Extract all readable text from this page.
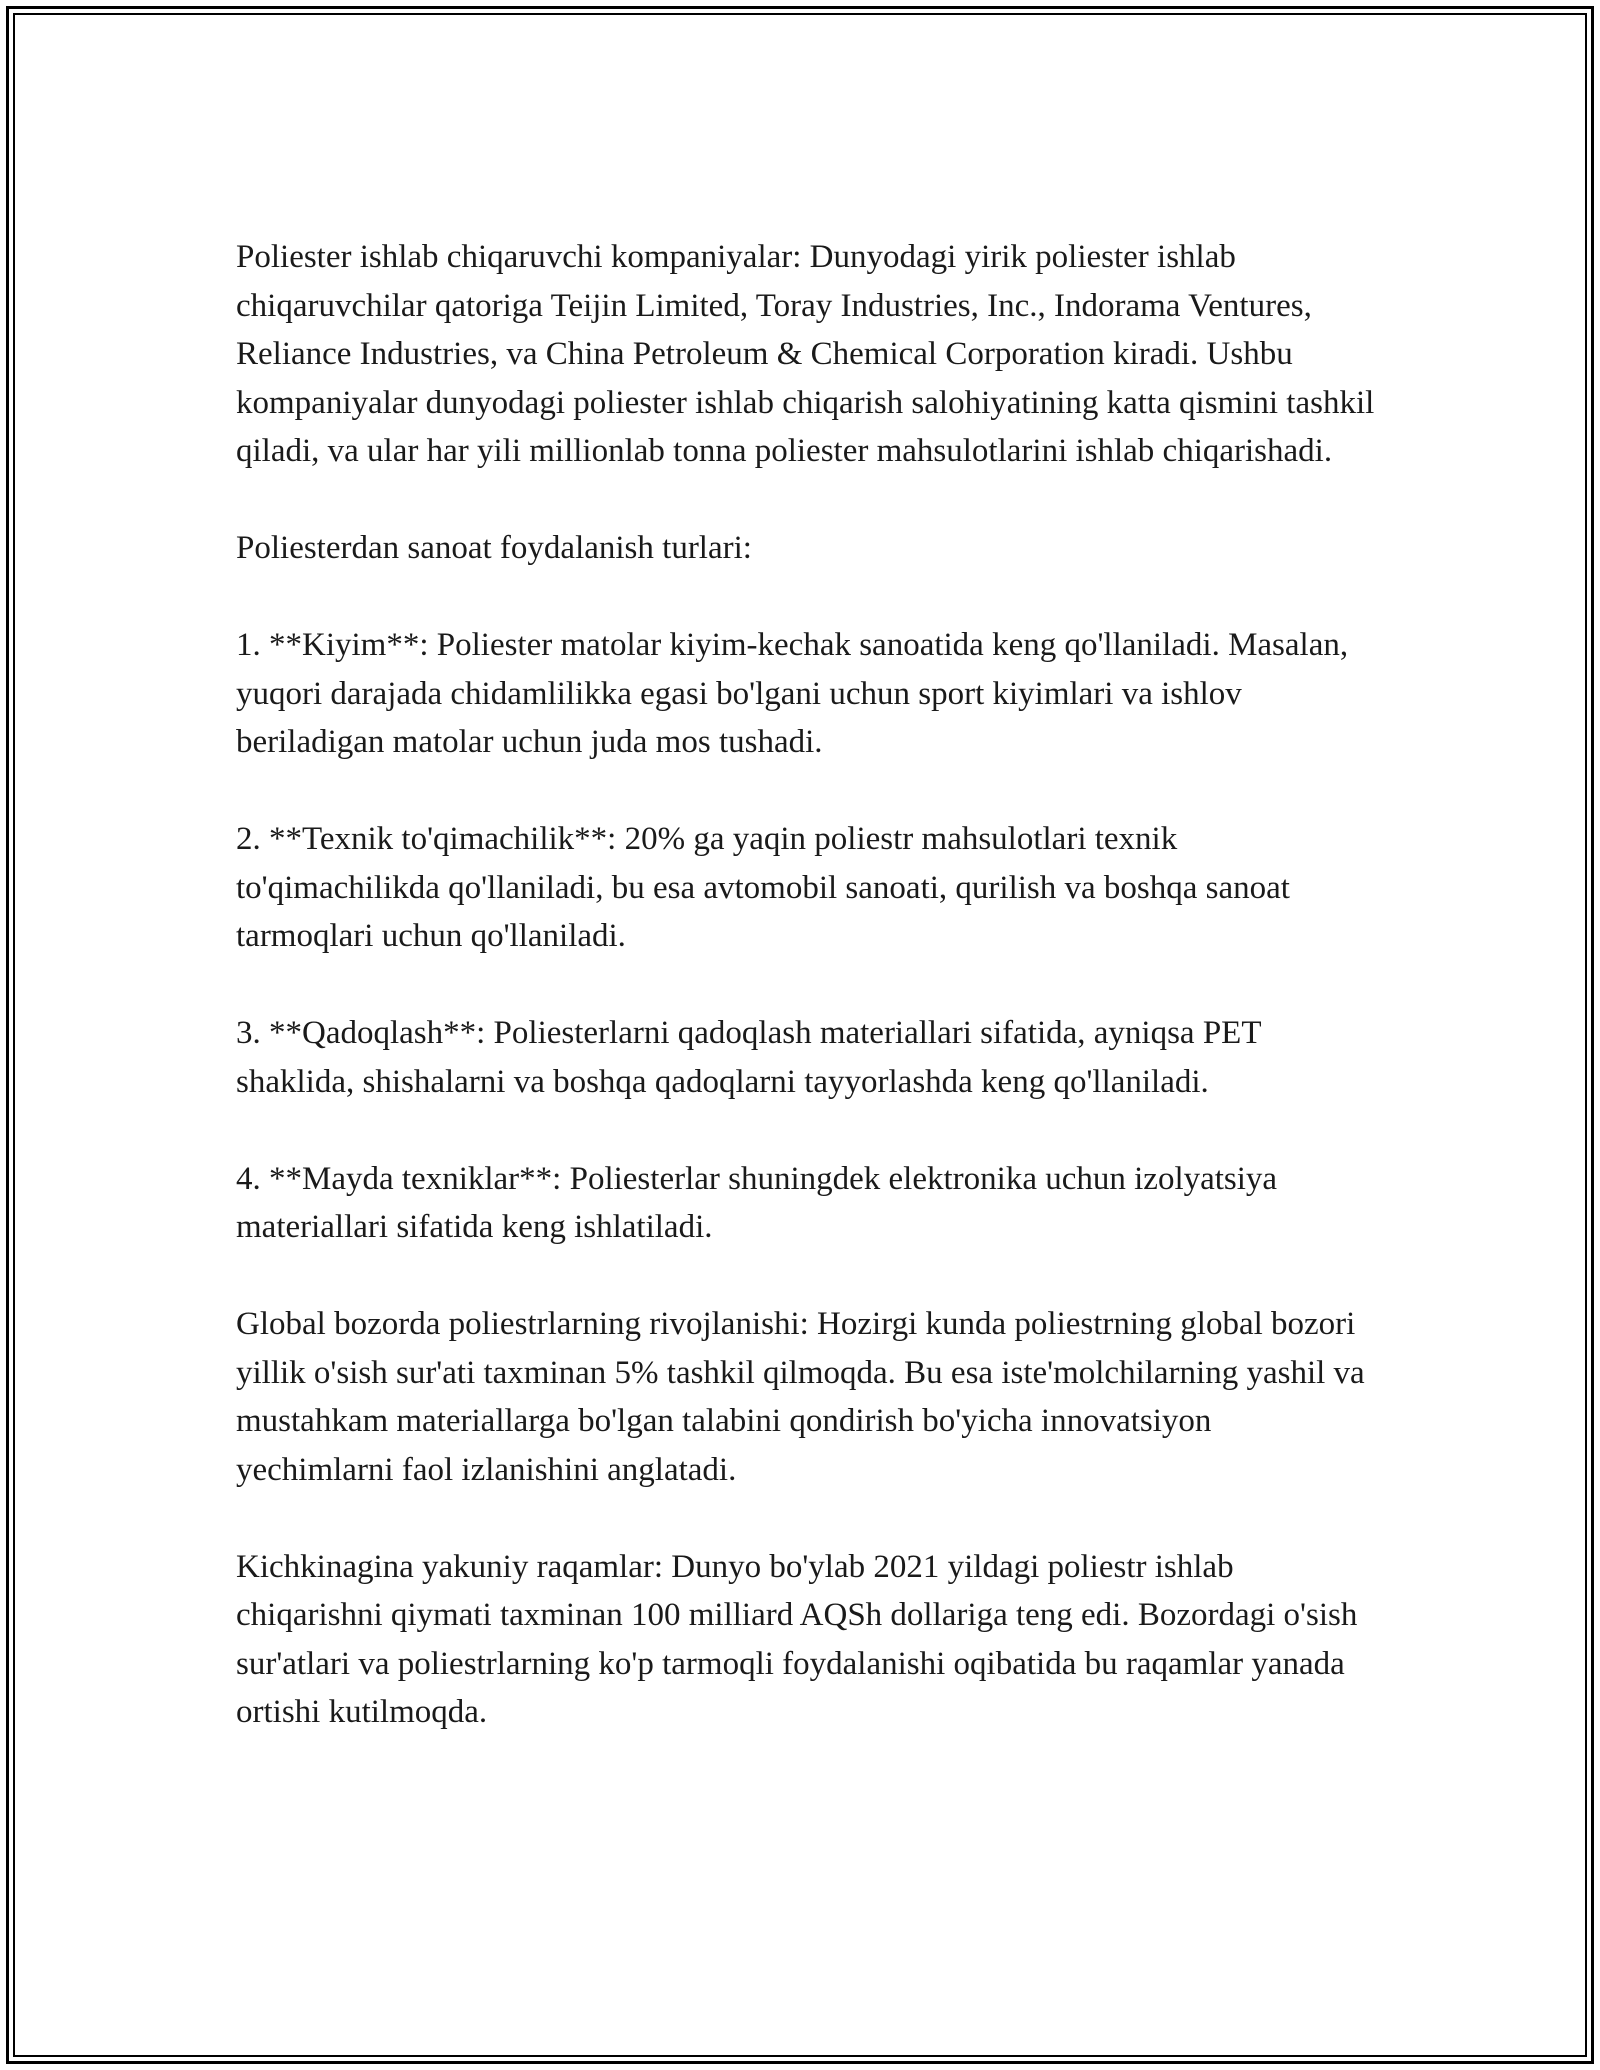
Poliester ishlab chiqaruvchi kompaniyalar: Dunyodagi yirik poliester ishlab chiqaruvchilar qatoriga Teijin Limited, Toray Industries, Inc., Indorama Ventures, Reliance Industries, va China Petroleum & Chemical Corporation kiradi. Ushbu kompaniyalar dunyodagi poliester ishlab chiqarish salohiyatining katta qismini tashkil qiladi, va ular har yili millionlab tonna poliester mahsulotlarini ishlab chiqarishadi.

Poliesterdan sanoat foydalanish turlari:

1. **Kiyim**: Poliester matolar kiyim-kechak sanoatida keng qo'llaniladi. Masalan, yuqori darajada chidamlilikka egasi bo'lgani uchun sport kiyimlari va ishlov beriladigan matolar uchun juda mos tushadi.

2. **Texnik to'qimachilik**: 20% ga yaqin poliestr mahsulotlari texnik to'qimachilikda qo'llaniladi, bu esa avtomobil sanoati, qurilish va boshqa sanoat tarmoqlari uchun qo'llaniladi.

3. **Qadoqlash**: Poliesterlarni qadoqlash materiallari sifatida, ayniqsa PET shaklida, shishalarni va boshqa qadoqlarni tayyorlashda keng qo'llaniladi.

4. **Mayda texniklar**: Poliesterlar shuningdek elektronika uchun izolyatsiya materiallari sifatida keng ishlatiladi.

Global bozorda poliestrlarning rivojlanishi: Hozirgi kunda poliestrning global bozori yillik o'sish sur'ati taxminan 5% tashkil qilmoqda. Bu esa iste'molchilarning yashil va mustahkam materiallarga bo'lgan talabini qondirish bo'yicha innovatsiyon yechimlarni faol izlanishini anglatadi.

Kichkinagina yakuniy raqamlar: Dunyo bo'ylab 2021 yildagi poliestr ishlab chiqarishni qiymati taxminan 100 milliard AQSh dollariga teng edi. Bozordagi o'sish sur'atlari va poliestrlarning ko'p tarmoqli foydalanishi oqibatida bu raqamlar yanada ortishi kutilmoqda.
